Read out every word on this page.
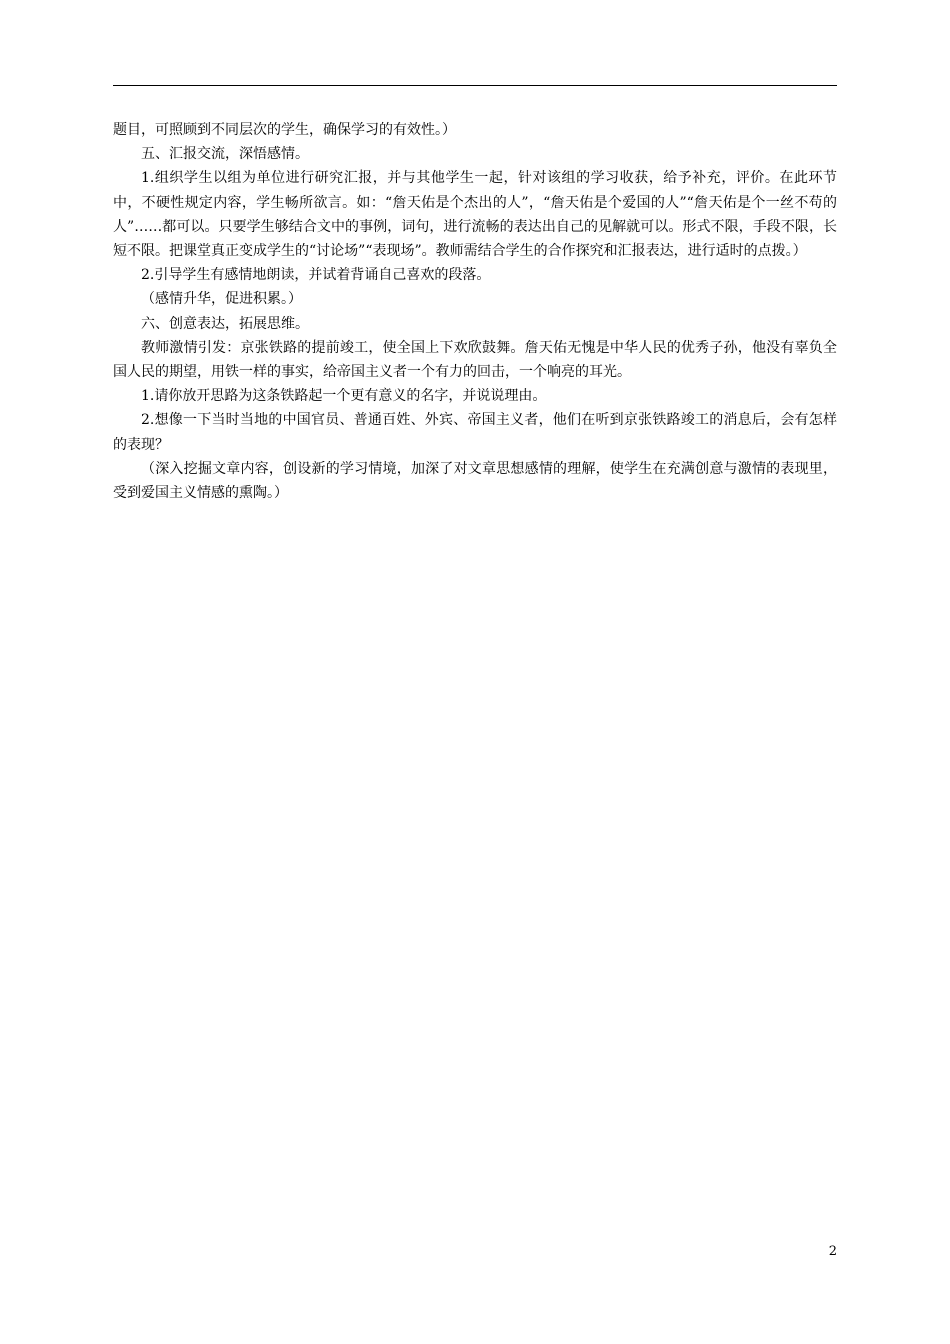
题目，可照顾到不同层次的学生，确保学习的有效性。）

五、汇报交流，深悟感情。

1.组织学生以组为单位进行研究汇报，并与其他学生一起，针对该组的学习收获，给予补充，评价。在此环节中，不硬性规定内容，学生畅所欲言。如：“詹天佑是个杰出的人”，“詹天佑是个爱国的人”“詹天佑是个一丝不苟的人”……都可以。只要学生够结合文中的事例，词句，进行流畅的表达出自己的见解就可以。形式不限，手段不限，长短不限。把课堂真正变成学生的“讨论场”“表现场”。教师需结合学生的合作探究和汇报表达，进行适时的点拨。）

2.引导学生有感情地朗读，并试着背诵自己喜欢的段落。

（感情升华，促进积累。）

六、创意表达，拓展思维。

教师激情引发：京张铁路的提前竣工，使全国上下欢欣鼓舞。詹天佑无愧是中华人民的优秀子孙，他没有辜负全国人民的期望，用铁一样的事实，给帝国主义者一个有力的回击，一个响亮的耳光。

1.请你放开思路为这条铁路起一个更有意义的名字，并说说理由。

2.想像一下当时当地的中国官员、普通百姓、外宾、帝国主义者，他们在听到京张铁路竣工的消息后，会有怎样的表现？

（深入挖掘文章内容，创设新的学习情境，加深了对文章思想感情的理解，使学生在充满创意与激情的表现里，受到爱国主义情感的熏陶。）

2
